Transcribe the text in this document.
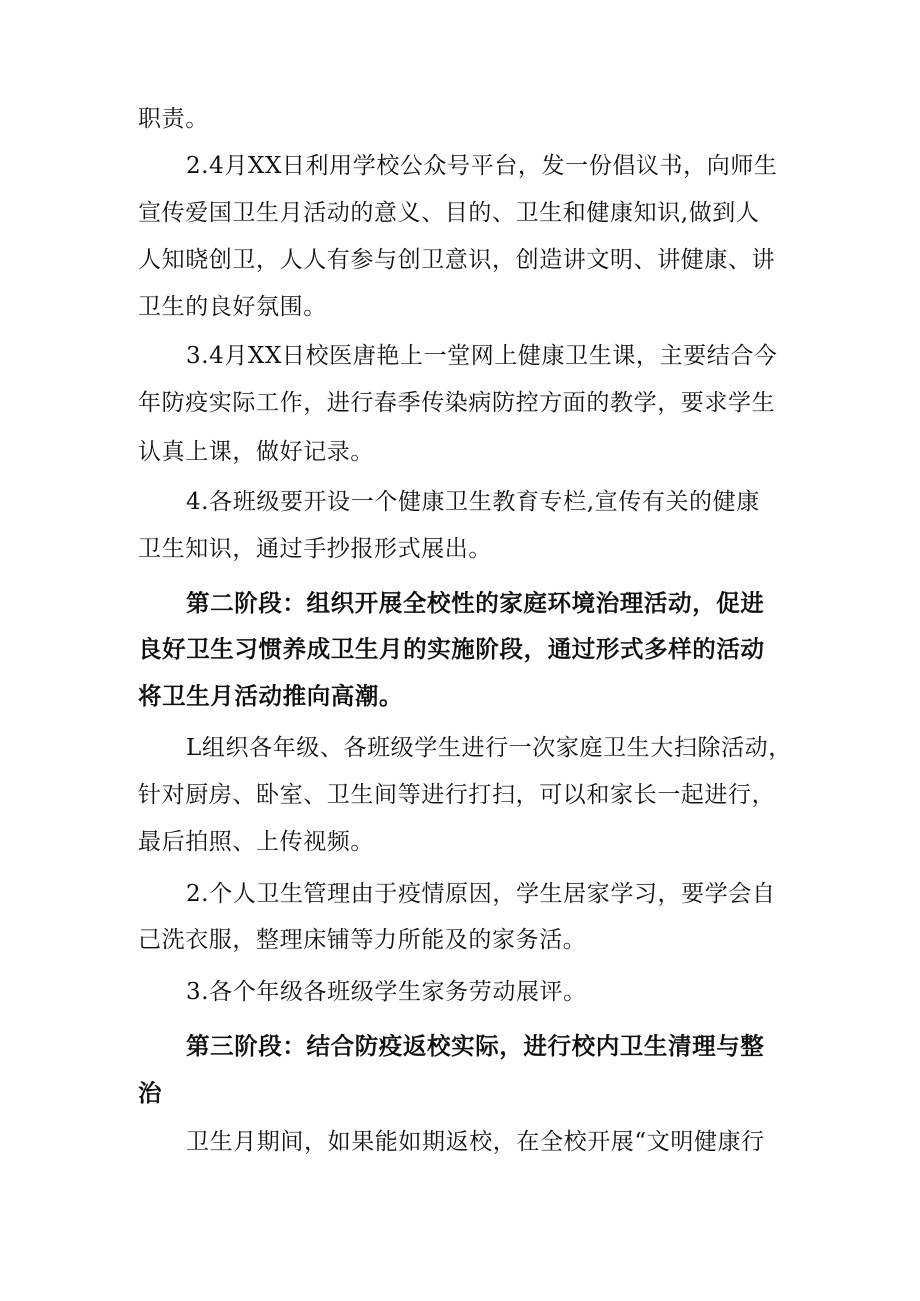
职责。
2.4月XX日利用学校公众号平台，发一份倡议书，向师生
宣传爱国卫生月活动的意义、目的、卫生和健康知识,做到人
人知晓创卫，人人有参与创卫意识，创造讲文明、讲健康、讲
卫生的良好氛围。
3.4月XX日校医唐艳上一堂网上健康卫生课，主要结合今
年防疫实际工作，进行春季传染病防控方面的教学，要求学生
认真上课，做好记录。
4.各班级要开设一个健康卫生教育专栏,宣传有关的健康
卫生知识，通过手抄报形式展出。
第二阶段：组织开展全校性的家庭环境治理活动，促进
良好卫生习惯养成卫生月的实施阶段，通过形式多样的活动
将卫生月活动推向高潮。
L组织各年级、各班级学生进行一次家庭卫生大扫除活动，
针对厨房、卧室、卫生间等进行打扫，可以和家长一起进行，
最后拍照、上传视频。
2.个人卫生管理由于疫情原因，学生居家学习，要学会自
己洗衣服，整理床铺等力所能及的家务活。
3.各个年级各班级学生家务劳动展评。
第三阶段：结合防疫返校实际，进行校内卫生清理与整
治
卫生月期间，如果能如期返校，在全校开展“文明健康行
